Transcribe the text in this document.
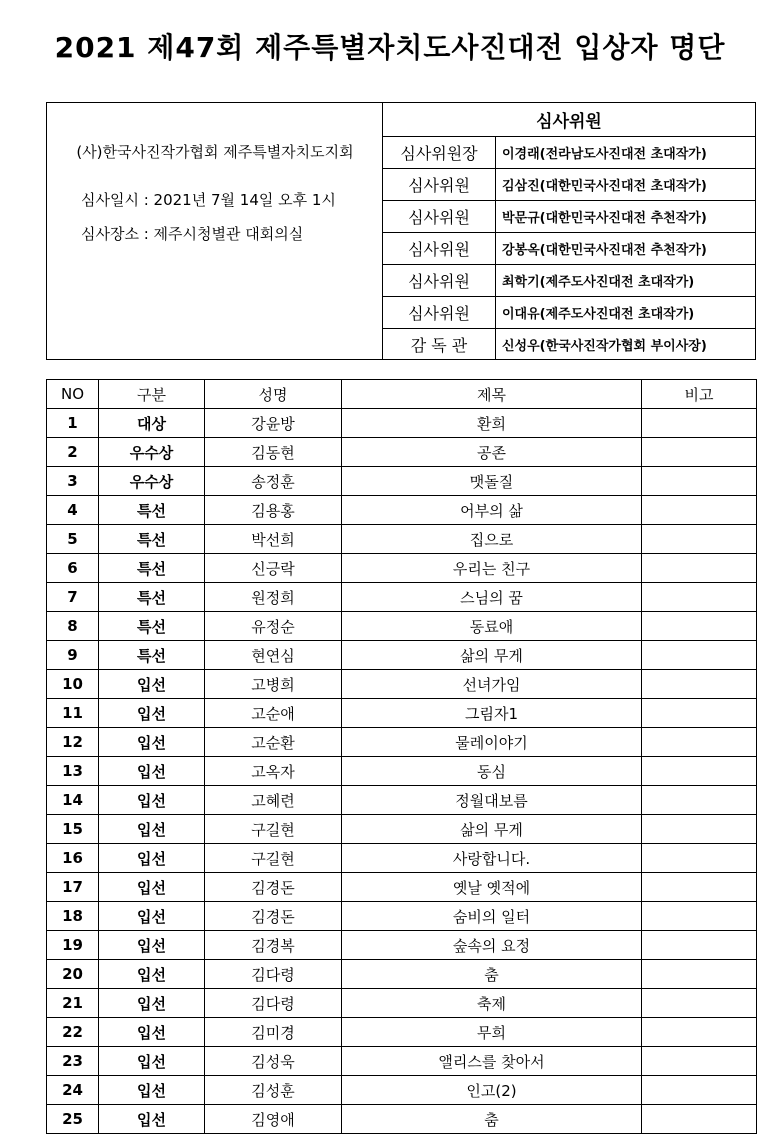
2021 제47회 제주특별자치도사진대전 입상자 명단
(사)한국사진작가협회 제주특별자치도지회
심사일시 : 2021년 7월 14일 오후 1시
심사장소 : 제주시청별관 대회의실
심사위원	
심사위원장	이경래(전라남도사진대전 초대작가)
심사위원	김삼진(대한민국사진대전 초대작가)
심사위원	박문규(대한민국사진대전 추천작가)
심사위원	강봉옥(대한민국사진대전 추천작가)
심사위원	최학기(제주도사진대전 초대작가)
심사위원	이대유(제주도사진대전 초대작가)
감 독 관	신성우(한국사진작가협회 부이사장)
NO	구분	성명	제목	비고
1	대상	강윤방	환희	
2	우수상	김동현	공존	
3	우수상	송정훈	맷돌질	
4	특선	김용홍	어부의 삶	
5	특선	박선희	집으로	
6	특선	신긍락	우리는 친구	
7	특선	원정희	스님의 꿈	
8	특선	유정순	동료애	
9	특선	현연심	삶의 무게	
10	입선	고병희	선녀가임	
11	입선	고순애	그림자1	
12	입선	고순환	물레이야기	
13	입선	고옥자	동심	
14	입선	고혜련	정월대보름	
15	입선	구길현	삶의 무게	
16	입선	구길현	사랑합니다.	
17	입선	김경돈	옛날 옛적에	
18	입선	김경돈	숨비의 일터	
19	입선	김경복	숲속의 요정	
20	입선	김다령	춤	
21	입선	김다령	축제	
22	입선	김미경	무희	
23	입선	김성욱	앨리스를 찾아서	
24	입선	김성훈	인고(2)	
25	입선	김영애	춤	
